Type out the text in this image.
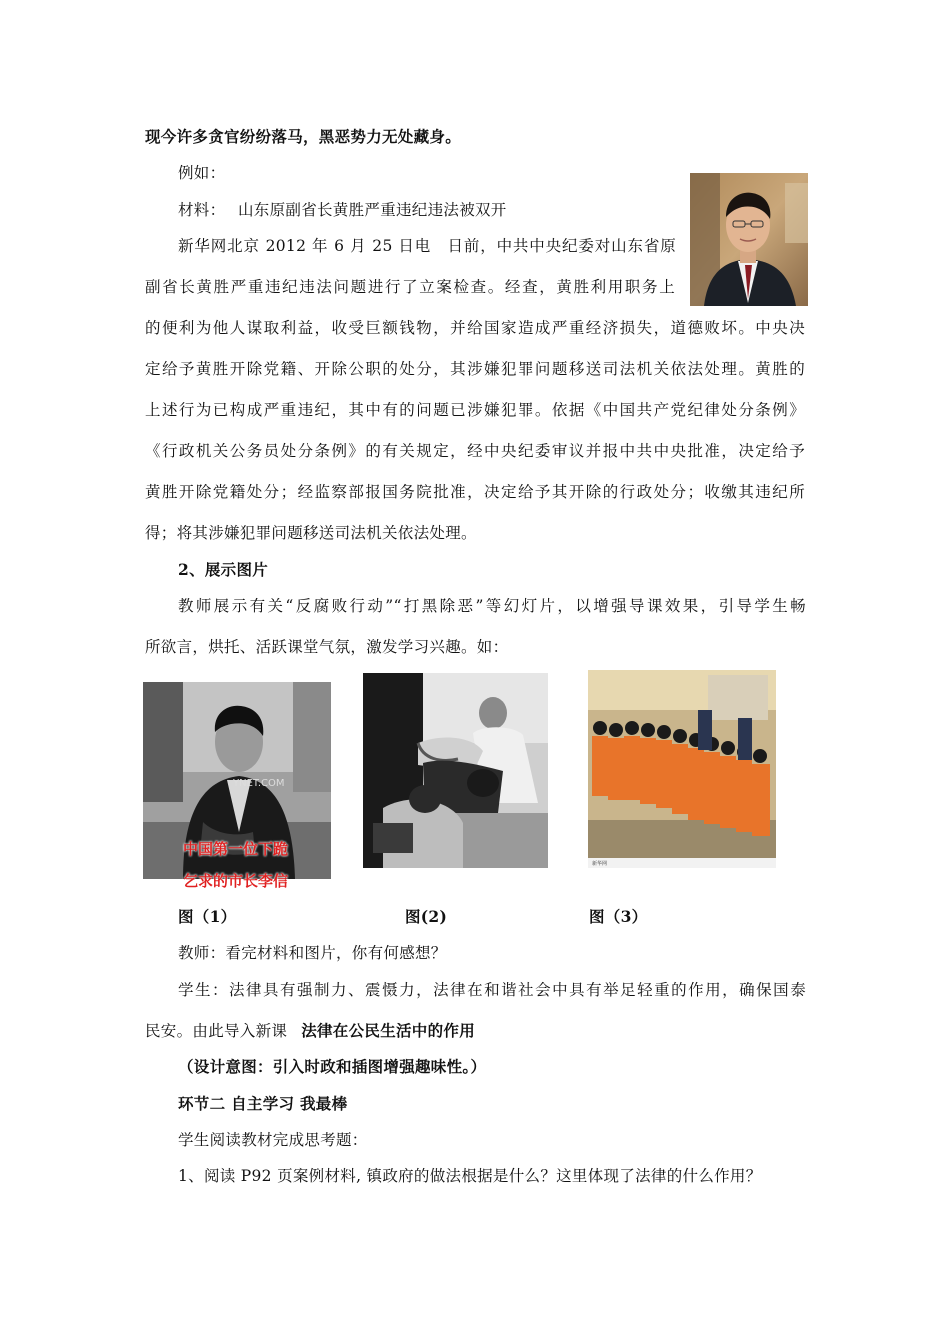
现今许多贪官纷纷落马，黑恶势力无处藏身。
例如：
材料： 山东原副省长黄胜严重违纪违法被双开
新华网北京 2012 年 6 月 25 日电　日前，中共中央纪委对山东省原
副省长黄胜严重违纪违法问题进行了立案检查。经查，黄胜利用职务上
的便利为他人谋取利益，收受巨额钱物，并给国家造成严重经济损失，道德败坏。中央决
定给予黄胜开除党籍、开除公职的处分，其涉嫌犯罪问题移送司法机关依法处理。黄胜的
上述行为已构成严重违纪，其中有的问题已涉嫌犯罪。依据《中国共产党纪律处分条例》
《行政机关公务员处分条例》的有关规定，经中央纪委审议并报中共中央批准，决定给予
黄胜开除党籍处分；经监察部报国务院批准，决定给予其开除的行政处分；收缴其违纪所
得；将其涉嫌犯罪问题移送司法机关依法处理。
2、展示图片
教师展示有关“反腐败行动”“打黑除恶”等幻灯片，以增强导课效果，引导学生畅
所欲言，烘托、活跃课堂气氛，激发学习兴趣。如：
YNET.COM
中国第一位下跪
乞求的市长李信
新华网
图（1）	图(2)	图（3）
教师：看完材料和图片，你有何感想？
学生：法律具有强制力、震慑力，法律在和谐社会中具有举足轻重的作用，确保国泰
民安。由此导入新课 法律在公民生活中的作用
（设计意图：引入时政和插图增强趣味性。）
环节二 自主学习 我最棒
学生阅读教材完成思考题：
1、阅读 P92 页案例材料, 镇政府的做法根据是什么？这里体现了法律的什么作用？
